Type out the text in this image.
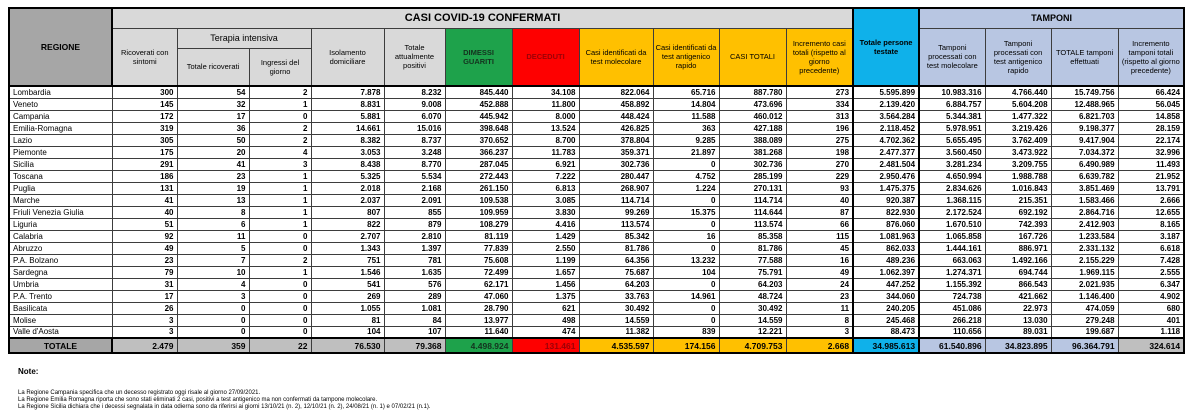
REGIONE	CASI COVID-19 CONFERMATI											Totale persone testate	TAMPONI			
	Ricoverati con sintomi	Terapia intensiva		Isolamento domiciliare	Totale attualmente positivi	DIMESSI GUARITI	DECEDUTI	Casi identificati da test molecolare	Casi identificati da test antigenico rapido	CASI TOTALI	Incremento casi totali (rispetto al giorno precedente)		Tamponi processati con test molecolare	Tamponi processati con test antigenico rapido	TOTALE tamponi effettuati	Incremento tamponi totali (rispetto al giorno precedente)
		Totale ricoverati	Ingressi del giorno													
Lombardia	300	54	2	7.878	8.232	845.440	34.108	822.064	65.716	887.780	273	5.595.899	10.983.316	4.766.440	15.749.756	66.424
Veneto	145	32	1	8.831	9.008	452.888	11.800	458.892	14.804	473.696	334	2.139.420	6.884.757	5.604.208	12.488.965	56.045
Campania	172	17	0	5.881	6.070	445.942	8.000	448.424	11.588	460.012	313	3.564.284	5.344.381	1.477.322	6.821.703	14.858
Emilia-Romagna	319	36	2	14.661	15.016	398.648	13.524	426.825	363	427.188	196	2.118.452	5.978.951	3.219.426	9.198.377	28.159
Lazio	305	50	2	8.382	8.737	370.652	8.700	378.804	9.285	388.089	275	4.702.362	5.655.495	3.762.409	9.417.904	22.174
Piemonte	175	20	4	3.053	3.248	366.237	11.783	359.371	21.897	381.268	198	2.477.377	3.560.450	3.473.922	7.034.372	32.996
Sicilia	291	41	3	8.438	8.770	287.045	6.921	302.736	0	302.736	270	2.481.504	3.281.234	3.209.755	6.490.989	11.493
Toscana	186	23	1	5.325	5.534	272.443	7.222	280.447	4.752	285.199	229	2.950.476	4.650.994	1.988.788	6.639.782	21.952
Puglia	131	19	1	2.018	2.168	261.150	6.813	268.907	1.224	270.131	93	1.475.375	2.834.626	1.016.843	3.851.469	13.791
Marche	41	13	1	2.037	2.091	109.538	3.085	114.714	0	114.714	40	920.387	1.368.115	215.351	1.583.466	2.666
Friuli Venezia Giulia	40	8	1	807	855	109.959	3.830	99.269	15.375	114.644	87	822.930	2.172.524	692.192	2.864.716	12.655
Liguria	51	6	1	822	879	108.279	4.416	113.574	0	113.574	66	876.060	1.670.510	742.393	2.412.903	8.165
Calabria	92	11	0	2.707	2.810	81.119	1.429	85.342	16	85.358	115	1.081.963	1.065.858	167.726	1.233.584	3.187
Abruzzo	49	5	0	1.343	1.397	77.839	2.550	81.786	0	81.786	45	862.033	1.444.161	886.971	2.331.132	6.618
P.A. Bolzano	23	7	2	751	781	75.608	1.199	64.356	13.232	77.588	16	489.236	663.063	1.492.166	2.155.229	7.428
Sardegna	79	10	1	1.546	1.635	72.499	1.657	75.687	104	75.791	49	1.062.397	1.274.371	694.744	1.969.115	2.555
Umbria	31	4	0	541	576	62.171	1.456	64.203	0	64.203	24	447.252	1.155.392	866.543	2.021.935	6.347
P.A. Trento	17	3	0	269	289	47.060	1.375	33.763	14.961	48.724	23	344.060	724.738	421.662	1.146.400	4.902
Basilicata	26	0	0	1.055	1.081	28.790	621	30.492	0	30.492	11	240.205	451.086	22.973	474.059	680
Molise	3	0	0	81	84	13.977	498	14.559	0	14.559	8	245.468	266.218	13.030	279.248	401
Valle d'Aosta	3	0	0	104	107	11.640	474	11.382	839	12.221	3	88.473	110.656	89.031	199.687	1.118
TOTALE	2.479	359	22	76.530	79.368	4.498.924	131.461	4.535.597	174.156	4.709.753	2.668	34.985.613	61.540.896	34.823.895	96.364.791	324.614
Note:
La Regione Campania specifica che un decesso registrato oggi risale al giorno 27/09/2021.
La Regione Emilia Romagna riporta che sono stati eliminati 2 casi, positivi a test antigenico ma non confermati da tampone molecolare.
La Regione Sicilia dichiara che i decessi segnalata in data odierna sono da riferirsi ai giorni 13/10/21 (n. 2), 12/10/21 (n. 2), 24/08/21 (n. 1) e 07/02/21 (n.1).
